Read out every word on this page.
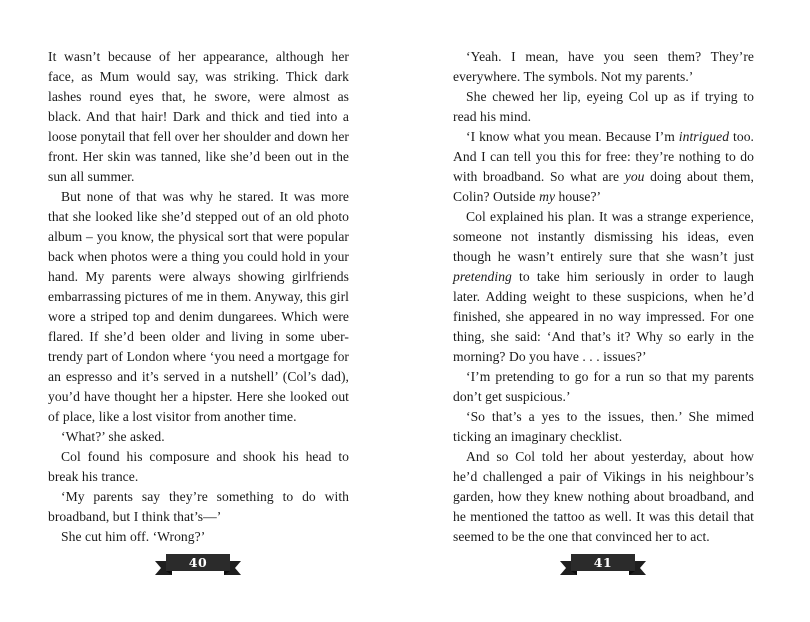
It wasn’t because of her appearance, although her face, as Mum would say, was striking. Thick dark lashes round eyes that, he swore, were almost as black. And that hair! Dark and thick and tied into a loose ponytail that fell over her shoulder and down her front. Her skin was tanned, like she’d been out in the sun all summer.

But none of that was why he stared. It was more that she looked like she’d stepped out of an old photo album – you know, the physical sort that were popular back when photos were a thing you could hold in your hand. My parents were always showing girlfriends embarrassing pictures of me in them. Anyway, this girl wore a striped top and denim dungarees. Which were flared. If she’d been older and living in some uber-trendy part of London where ‘you need a mortgage for an espresso and it’s served in a nutshell’ (Col’s dad), you’d have thought her a hipster. Here she looked out of place, like a lost visitor from another time.

‘What?’ she asked.

Col found his composure and shook his head to break his trance.

‘My parents say they’re something to do with broadband, but I think that’s—’

She cut him off. ‘Wrong?’

40

‘Yeah. I mean, have you seen them? They’re everywhere. The symbols. Not my parents.’

She chewed her lip, eyeing Col up as if trying to read his mind.

‘I know what you mean. Because I’m intrigued too. And I can tell you this for free: they’re nothing to do with broadband. So what are you doing about them, Colin? Outside my house?’

Col explained his plan. It was a strange experience, someone not instantly dismissing his ideas, even though he wasn’t entirely sure that she wasn’t just pretending to take him seriously in order to laugh later. Adding weight to these suspicions, when he’d finished, she appeared in no way impressed. For one thing, she said: ‘And that’s it? Why so early in the morning? Do you have . . . issues?’

‘I’m pretending to go for a run so that my parents don’t get suspicious.’

‘So that’s a yes to the issues, then.’ She mimed ticking an imaginary checklist.

And so Col told her about yesterday, about how he’d challenged a pair of Vikings in his neighbour’s garden, how they knew nothing about broadband, and he mentioned the tattoo as well. It was this detail that seemed to be the one that convinced her to act.

41
